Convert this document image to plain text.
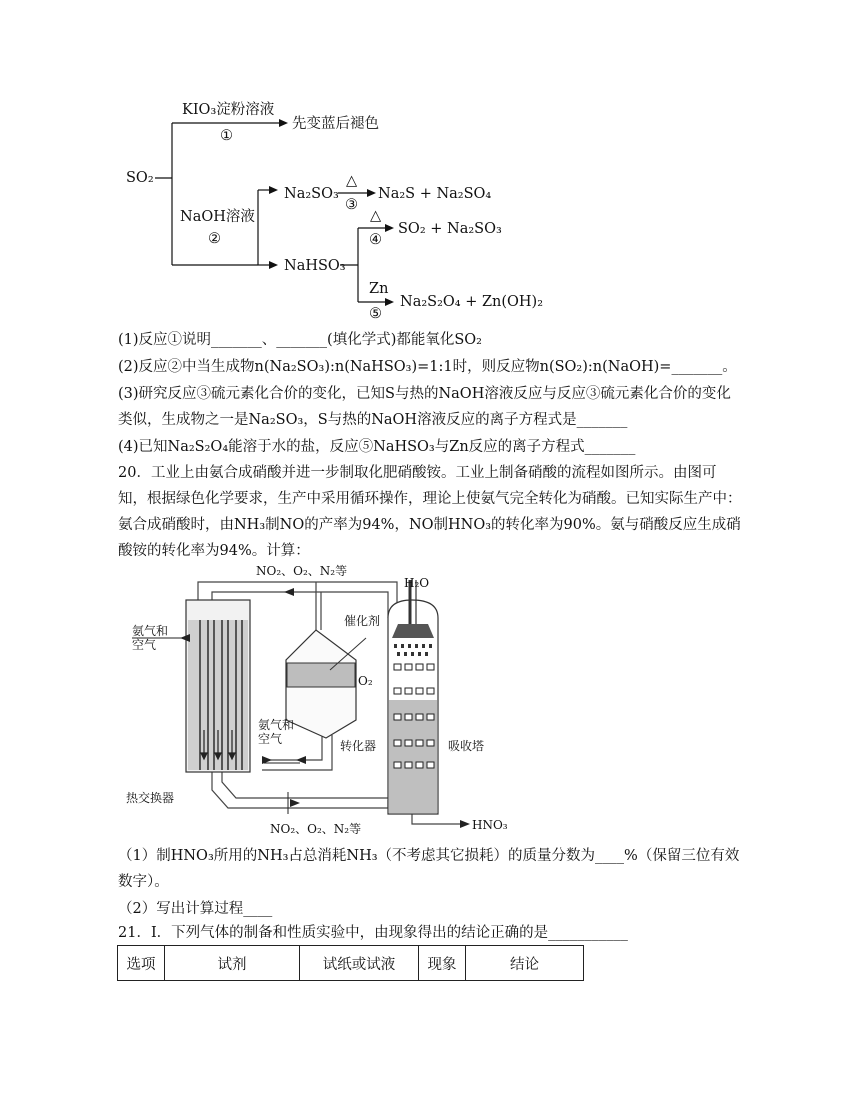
SO₂
KIO₃淀粉溶液
①
先变蓝后褪色
NaOH溶液
②
Na₂SO₃
△
③
Na₂S + Na₂SO₄
NaHSO₃
△
④
SO₂ + Na₂SO₃
Zn
⑤
Na₂S₂O₄ + Zn(OH)₂
(1)反应①说明_______、_______(填化学式)都能氧化SO₂
(2)反应②中当生成物n(Na₂SO₃):n(NaHSO₃)=1:1时，则反应物n(SO₂):n(NaOH)=_______。
(3)研究反应③硫元素化合价的变化，已知S与热的NaOH溶液反应与反应③硫元素化合价的变化类似，生成物之一是Na₂SO₃，S与热的NaOH溶液反应的离子方程式是_______
(4)已知Na₂S₂O₄能溶于水的盐，反应⑤NaHSO₃与Zn反应的离子方程式_______
20．工业上由氨合成硝酸并进一步制取化肥硝酸铵。工业上制备硝酸的流程如图所示。由图可知，根据绿色化学要求，生产中采用循环操作，理论上使氨气完全转化为硝酸。已知实际生产中：氨合成硝酸时，由NH₃制NO的产率为94%，NO制HNO₃的转化率为90%。氨与硝酸反应生成硝酸铵的转化率为94%。计算：
NO₂、O₂、N₂等
H₂O
氨气和
空气
催化剂
O₂
氨气和
空气	转化器	吸收塔
热交换器
NO₂、O₂、N₂等	HNO₃
（1）制HNO₃所用的NH₃占总消耗NH₃（不考虑其它损耗）的质量分数为____%（保留三位有效数字）。
（2）写出计算过程____
21．Ⅰ．下列气体的制备和性质实验中，由现象得出的结论正确的是___________
选项	试剂	试纸或试液	现象	结论
